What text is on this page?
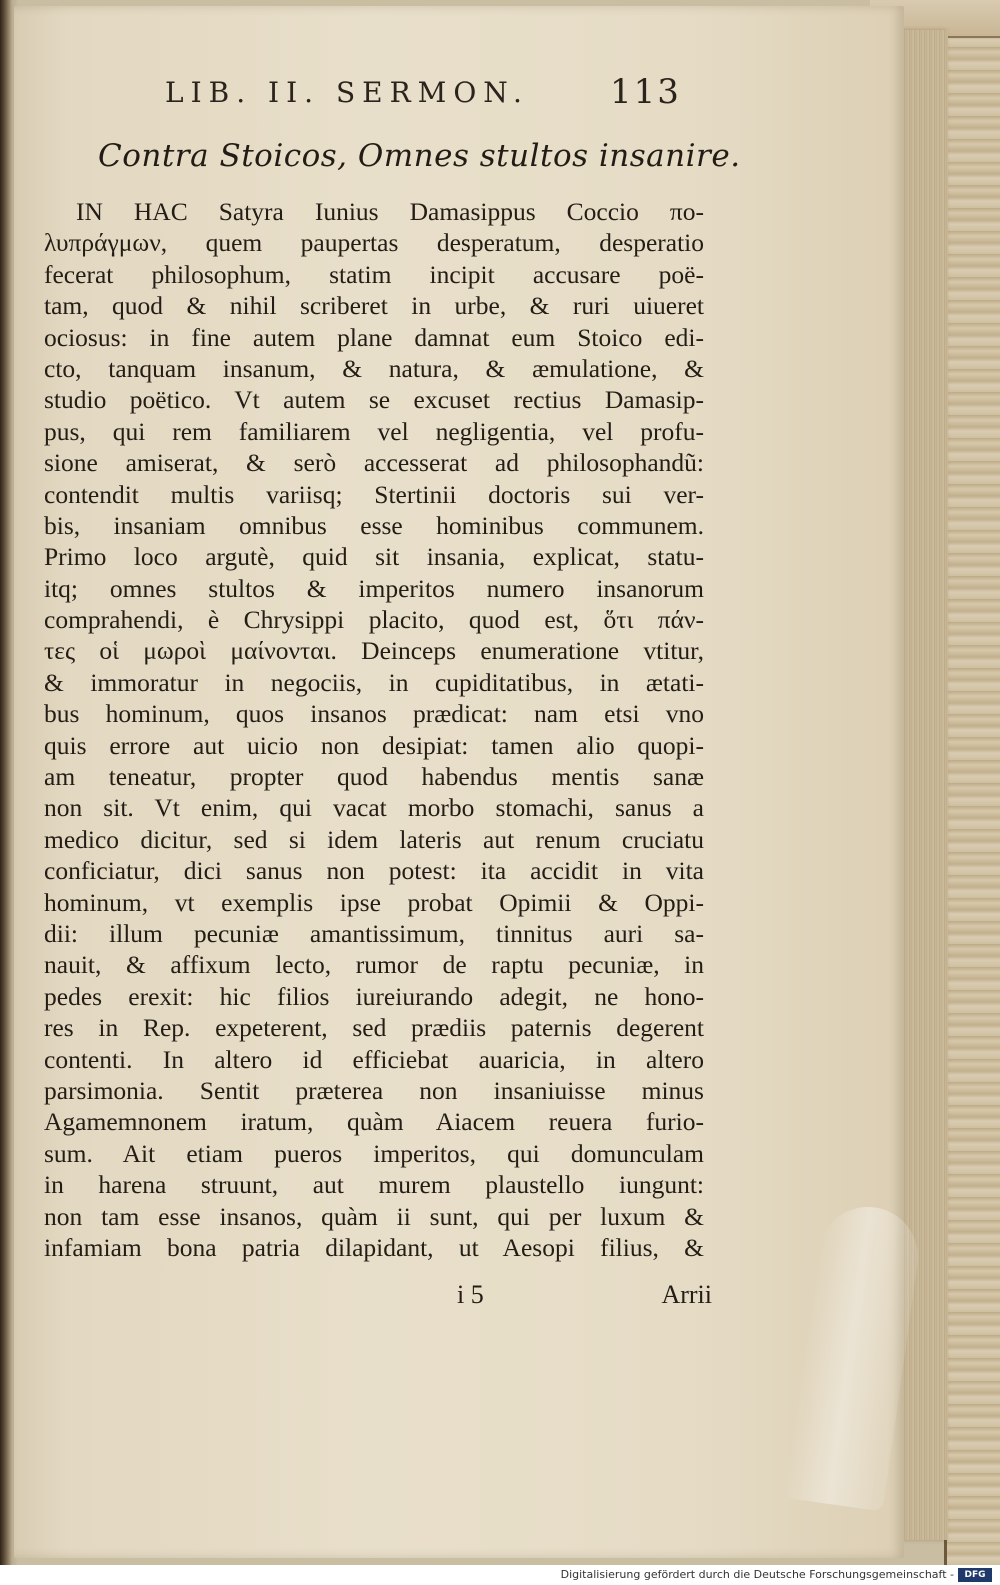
LIB. II. SERMON. 113
Contra Stoicos, Omnes stultos insanire.
IN HAC Satyra Iunius Damasippus Coccio πο-
λυπράγμων, quem paupertas desperatum, desperatio
fecerat philosophum, statim incipit accusare poë-
tam, quod & nihil scriberet in urbe, & ruri uiueret
ociosus: in fine autem plane damnat eum Stoico edi-
cto, tanquam insanum, & natura, & æmulatione, &
studio poëtico. Vt autem se excuset rectius Damasip-
pus, qui rem familiarem vel negligentia, vel profu-
sione amiserat, & serò accesserat ad philosophandũ:
contendit multis variisq; Stertinii doctoris sui ver-
bis, insaniam omnibus esse hominibus communem.
Primo loco argutè, quid sit insania, explicat, statu-
itq; omnes stultos & imperitos numero insanorum
comprahendi, è Chrysippi placito, quod est, ὅτι πάν-
τες οἱ μωροὶ μαίνονται. Deinceps enumeratione vtitur,
& immoratur in negociis, in cupiditatibus, in ætati-
bus hominum, quos insanos prædicat: nam etsi vno
quis errore aut uicio non desipiat: tamen alio quopi-
am teneatur, propter quod habendus mentis sanæ
non sit. Vt enim, qui vacat morbo stomachi, sanus a
medico dicitur, sed si idem lateris aut renum cruciatu
conficiatur, dici sanus non potest: ita accidit in vita
hominum, vt exemplis ipse probat Opimii & Oppi-
dii: illum pecuniæ amantissimum, tinnitus auri sa-
nauit, & affixum lecto, rumor de raptu pecuniæ, in
pedes erexit: hic filios iureiurando adegit, ne hono-
res in Rep. expeterent, sed prædiis paternis degerent
contenti. In altero id efficiebat auaricia, in altero
parsimonia. Sentit præterea non insaniuisse minus
Agamemnonem iratum, quàm Aiacem reuera furio-
sum. Ait etiam pueros imperitos, qui domunculam
in harena struunt, aut murem plaustello iungunt:
non tam esse insanos, quàm ii sunt, qui per luxum &
infamiam bona patria dilapidant, ut Aesopi filius, &
i 5	Arrii
Digitalisierung gefördert durch die Deutsche Forschungsgemeinschaft -	DFG
